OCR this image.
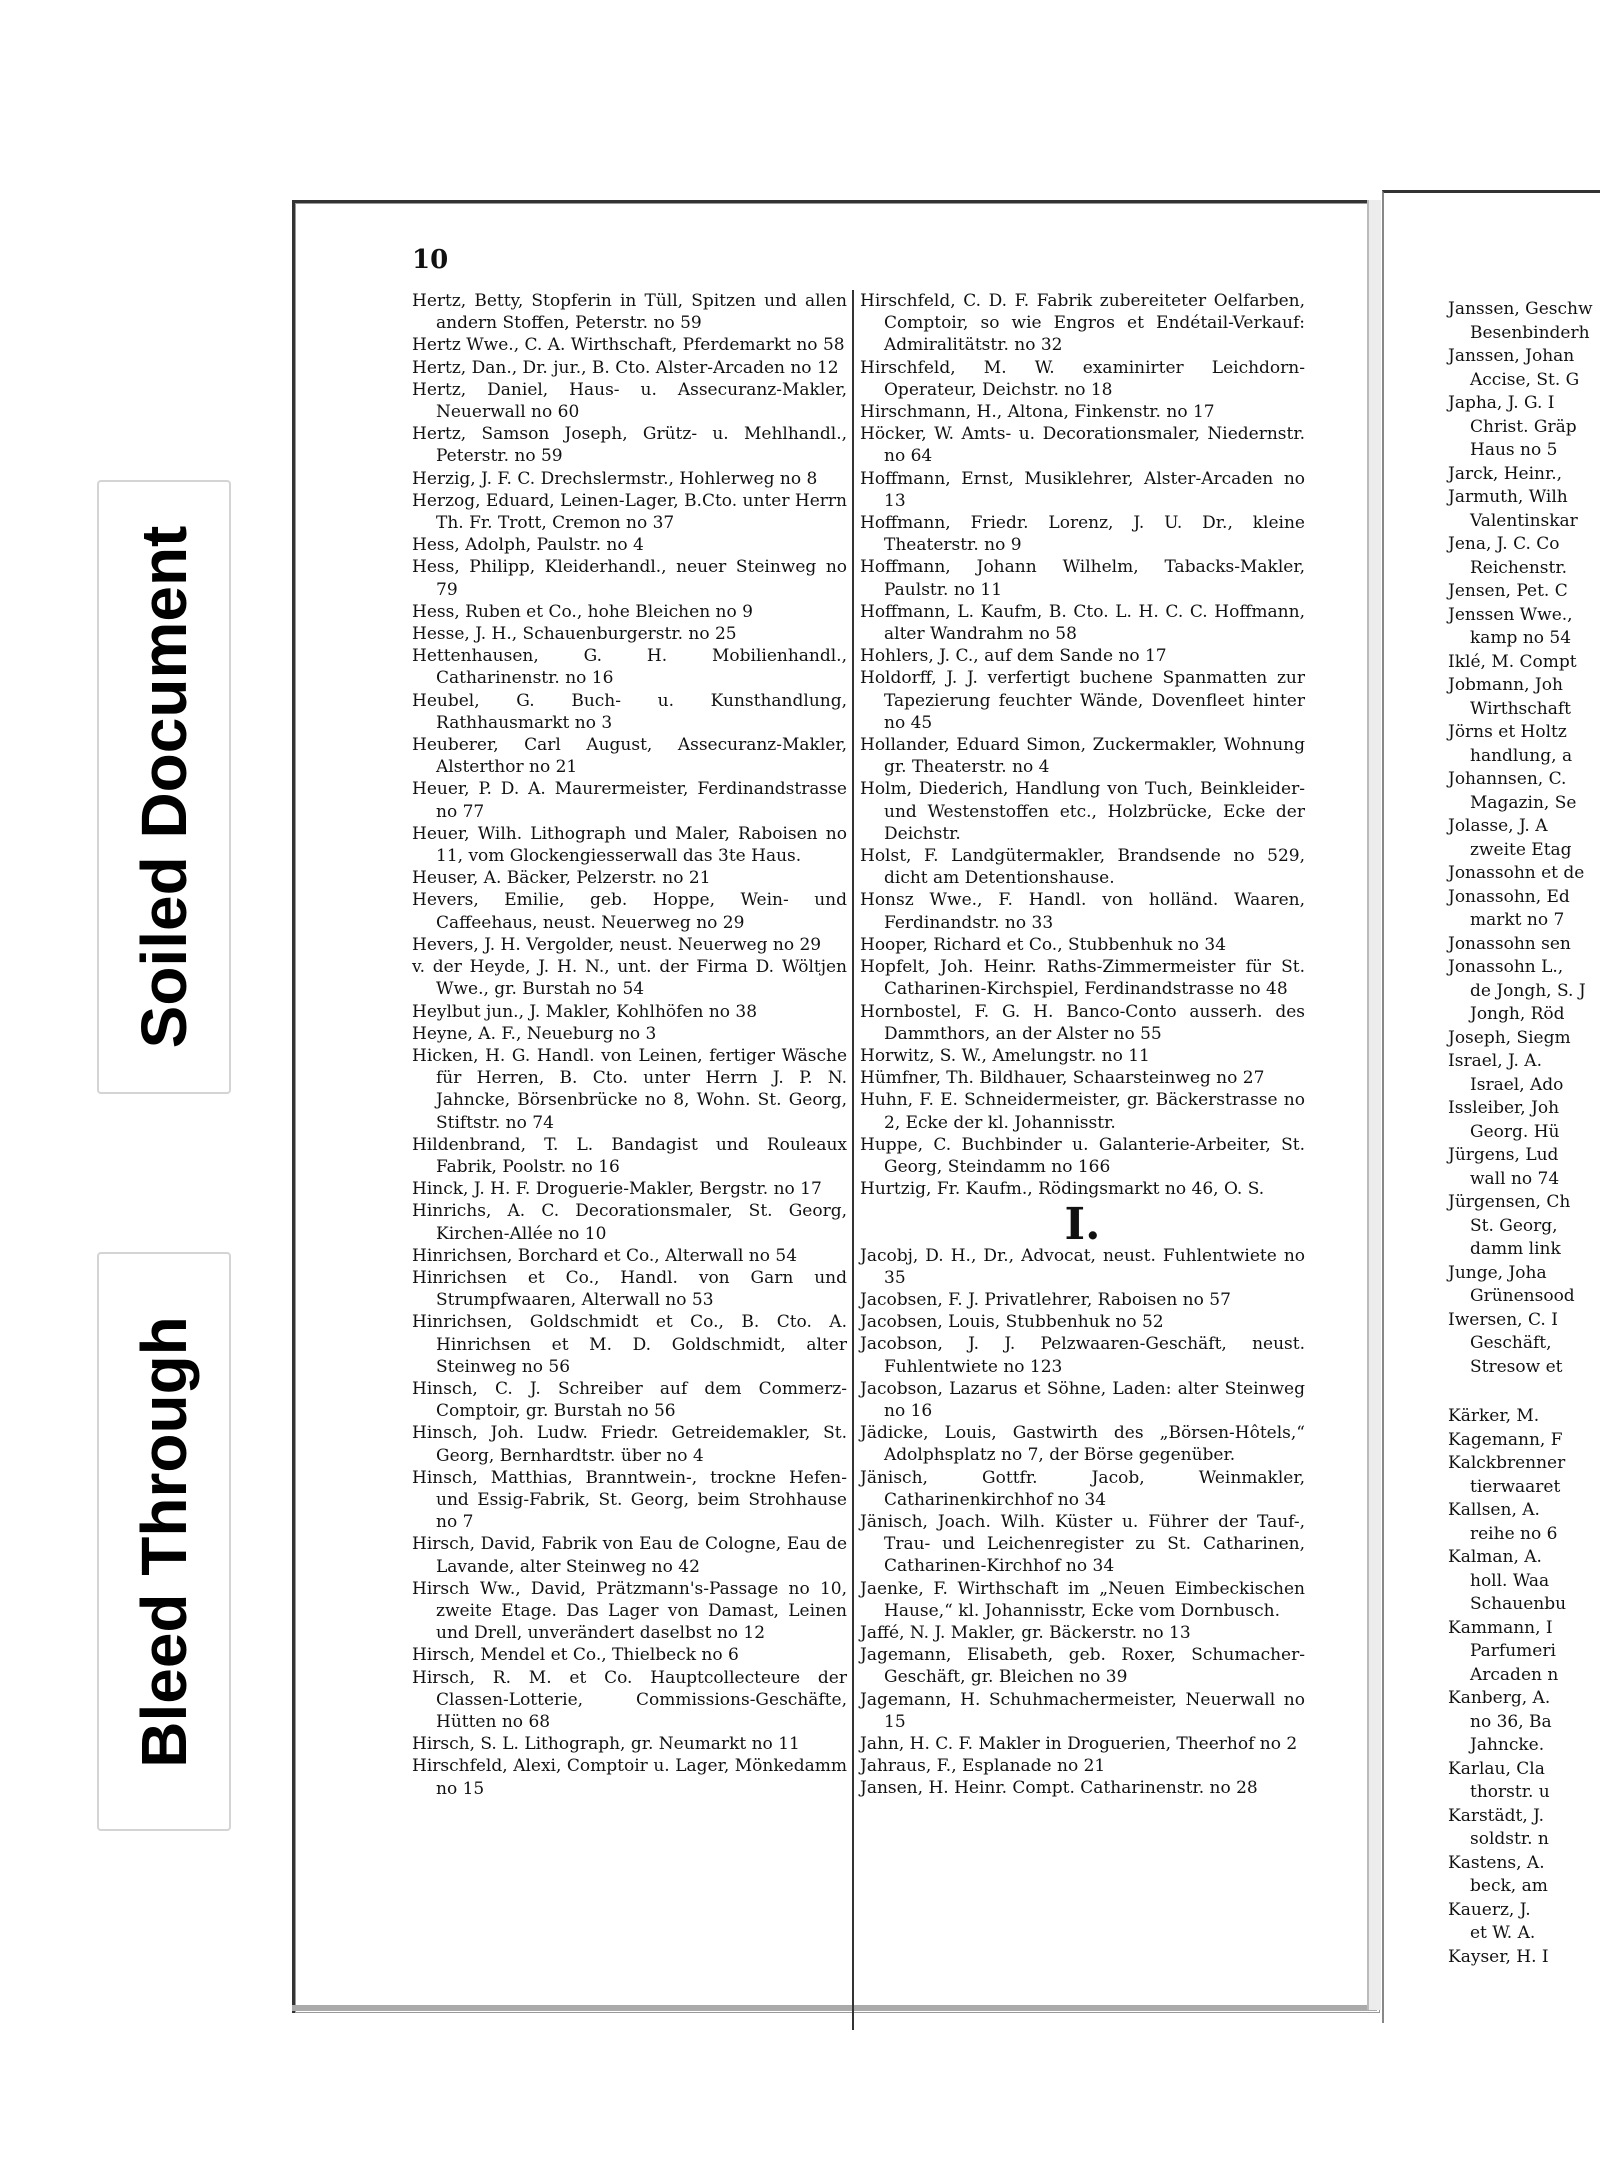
Soiled Document
Bleed Through
10

Hertz, Betty, Stopferin in Tüll, Spitzen und allen andern Stoffen, Peterstr. no 59

Hertz Wwe., C. A. Wirthschaft, Pferdemarkt no 58

Hertz, Dan., Dr. jur., B. Cto. Alster-Arcaden no 12

Hertz, Daniel, Haus- u. Assecuranz-Makler, Neuerwall no 60

Hertz, Samson Joseph, Grütz- u. Mehlhandl., Peterstr. no 59

Herzig, J. F. C. Drechslermstr., Hohlerweg no 8

Herzog, Eduard, Leinen-Lager, B.Cto. unter Herrn Th. Fr. Trott, Cremon no 37

Hess, Adolph, Paulstr. no 4

Hess, Philipp, Kleiderhandl., neuer Steinweg no 79

Hess, Ruben et Co., hohe Bleichen no 9

Hesse, J. H., Schauenburgerstr. no 25

Hettenhausen, G. H. Mobilienhandl., Catharinenstr. no 16

Heubel, G. Buch- u. Kunsthandlung, Rathhausmarkt no 3

Heuberer, Carl August, Assecuranz-Makler, Alsterthor no 21

Heuer, P. D. A. Maurermeister, Ferdinandstrasse no 77

Heuer, Wilh. Lithograph und Maler, Raboisen no 11, vom Glockengiesserwall das 3te Haus.

Heuser, A. Bäcker, Pelzerstr. no 21

Hevers, Emilie, geb. Hoppe, Wein- und Caffeehaus, neust. Neuerweg no 29

Hevers, J. H. Vergolder, neust. Neuerweg no 29

v. der Heyde, J. H. N., unt. der Firma D. Wöltjen Wwe., gr. Burstah no 54

Heylbut jun., J. Makler, Kohlhöfen no 38

Heyne, A. F., Neueburg no 3

Hicken, H. G. Handl. von Leinen, fertiger Wäsche für Herren, B. Cto. unter Herrn J. P. N. Jahncke, Börsenbrücke no 8, Wohn. St. Georg, Stiftstr. no 74

Hildenbrand, T. L. Bandagist und Rouleaux Fabrik, Poolstr. no 16

Hinck, J. H. F. Droguerie-Makler, Bergstr. no 17

Hinrichs, A. C. Decorationsmaler, St. Georg, Kirchen-Allée no 10

Hinrichsen, Borchard et Co., Alterwall no 54

Hinrichsen et Co., Handl. von Garn und Strumpfwaaren, Alterwall no 53

Hinrichsen, Goldschmidt et Co., B. Cto. A. Hinrichsen et M. D. Goldschmidt, alter Steinweg no 56

Hinsch, C. J. Schreiber auf dem Commerz-Comptoir, gr. Burstah no 56

Hinsch, Joh. Ludw. Friedr. Getreidemakler, St. Georg, Bernhardtstr. über no 4

Hinsch, Matthias, Branntwein-, trockne Hefen- und Essig-Fabrik, St. Georg, beim Strohhause no 7

Hirsch, David, Fabrik von Eau de Cologne, Eau de Lavande, alter Steinweg no 42

Hirsch Ww., David, Prätzmann's-Passage no 10, zweite Etage. Das Lager von Damast, Leinen und Drell, unverändert daselbst no 12

Hirsch, Mendel et Co., Thielbeck no 6

Hirsch, R. M. et Co. Hauptcollecteure der Classen-Lotterie, Commissions-Geschäfte, Hütten no 68

Hirsch, S. L. Lithograph, gr. Neumarkt no 11

Hirschfeld, Alexi, Comptoir u. Lager, Mönkedamm no 15

Hirschfeld, C. D. F. Fabrik zubereiteter Oelfarben, Comptoir, so wie Engros et Endétail-Verkauf: Admiralitätstr. no 32

Hirschfeld, M. W. examinirter Leichdorn-Operateur, Deichstr. no 18

Hirschmann, H., Altona, Finkenstr. no 17

Höcker, W. Amts- u. Decorationsmaler, Niedernstr. no 64

Hoffmann, Ernst, Musiklehrer, Alster-Arcaden no 13

Hoffmann, Friedr. Lorenz, J. U. Dr., kleine Theaterstr. no 9

Hoffmann, Johann Wilhelm, Tabacks-Makler, Paulstr. no 11

Hoffmann, L. Kaufm, B. Cto. L. H. C. C. Hoffmann, alter Wandrahm no 58

Hohlers, J. C., auf dem Sande no 17

Holdorff, J. J. verfertigt buchene Spanmatten zur Tapezierung feuchter Wände, Dovenfleet hinter no 45

Hollander, Eduard Simon, Zuckermakler, Wohnung gr. Theaterstr. no 4

Holm, Diederich, Handlung von Tuch, Beinkleider- und Westenstoffen etc., Holzbrücke, Ecke der Deichstr.

Holst, F. Landgütermakler, Brandsende no 529, dicht am Detentionshause.

Honsz Wwe., F. Handl. von holländ. Waaren, Ferdinandstr. no 33

Hooper, Richard et Co., Stubbenhuk no 34

Hopfelt, Joh. Heinr. Raths-Zimmermeister für St. Catharinen-Kirchspiel, Ferdinandstrasse no 48

Hornbostel, F. G. H. Banco-Conto ausserh. des Dammthors, an der Alster no 55

Horwitz, S. W., Amelungstr. no 11

Hümfner, Th. Bildhauer, Schaarsteinweg no 27

Huhn, F. E. Schneidermeister, gr. Bäckerstrasse no 2, Ecke der kl. Johannisstr.

Huppe, C. Buchbinder u. Galanterie-Arbeiter, St. Georg, Steindamm no 166

Hurtzig, Fr. Kaufm., Rödingsmarkt no 46, O. S.

I.

Jacobj, D. H., Dr., Advocat, neust. Fuhlentwiete no 35

Jacobsen, F. J. Privatlehrer, Raboisen no 57

Jacobsen, Louis, Stubbenhuk no 52

Jacobson, J. J. Pelzwaaren-Geschäft, neust. Fuhlentwiete no 123

Jacobson, Lazarus et Söhne, Laden: alter Steinweg no 16

Jädicke, Louis, Gastwirth des „Börsen-Hôtels,“ Adolphsplatz no 7, der Börse gegenüber.

Jänisch, Gottfr. Jacob, Weinmakler, Catharinenkirchhof no 34

Jänisch, Joach. Wilh. Küster u. Führer der Tauf-, Trau- und Leichenregister zu St. Catharinen, Catharinen-Kirchhof no 34

Jaenke, F. Wirthschaft im „Neuen Eimbeckischen Hause,“ kl. Johannisstr, Ecke vom Dornbusch.

Jaffé, N. J. Makler, gr. Bäckerstr. no 13

Jagemann, Elisabeth, geb. Roxer, Schumacher-Geschäft, gr. Bleichen no 39

Jagemann, H. Schuhmachermeister, Neuerwall no 15

Jahn, H. C. F. Makler in Droguerien, Theerhof no 2

Jahraus, F., Esplanade no 21

Jansen, H. Heinr. Compt. Catharinenstr. no 28

Janssen, Geschw

Besenbinderh

Janssen, Johan

Accise, St. G

Japha, J. G. I

Christ. Gräp

Haus no 5

Jarck, Heinr.,

Jarmuth, Wilh

Valentinskar

Jena, J. C. Co

Reichenstr.

Jensen, Pet. C

Jenssen Wwe.,

kamp no 54

Iklé, M. Compt

Jobmann, Joh

Wirthschaft

Jörns et Holtz

handlung, a

Johannsen, C.

Magazin, Se

Jolasse, J. A

zweite Etag

Jonassohn et de

Jonassohn, Ed

markt no 7

Jonassohn sen

Jonassohn L.,

de Jongh, S. J

Jongh, Röd

Joseph, Siegm

Israel, J. A.

Israel, Ado

Issleiber, Joh

Georg. Hü

Jürgens, Lud

wall no 74

Jürgensen, Ch

St. Georg,

damm link

Junge, Joha

Grünensood

Iwersen, C. I

Geschäft,

Stresow et

Kärker, M.

Kagemann, F

Kalckbrenner

tierwaaret

Kallsen, A.

reihe no 6

Kalman, A.

holl. Waa

Schauenbu

Kammann, I

Parfumeri

Arcaden n

Kanberg, A.

no 36, Ba

Jahncke.

Karlau, Cla

thorstr. u

Karstädt, J.

soldstr. n

Kastens, A.

beck, am

Kauerz, J.

et W. A.

Kayser, H. I
